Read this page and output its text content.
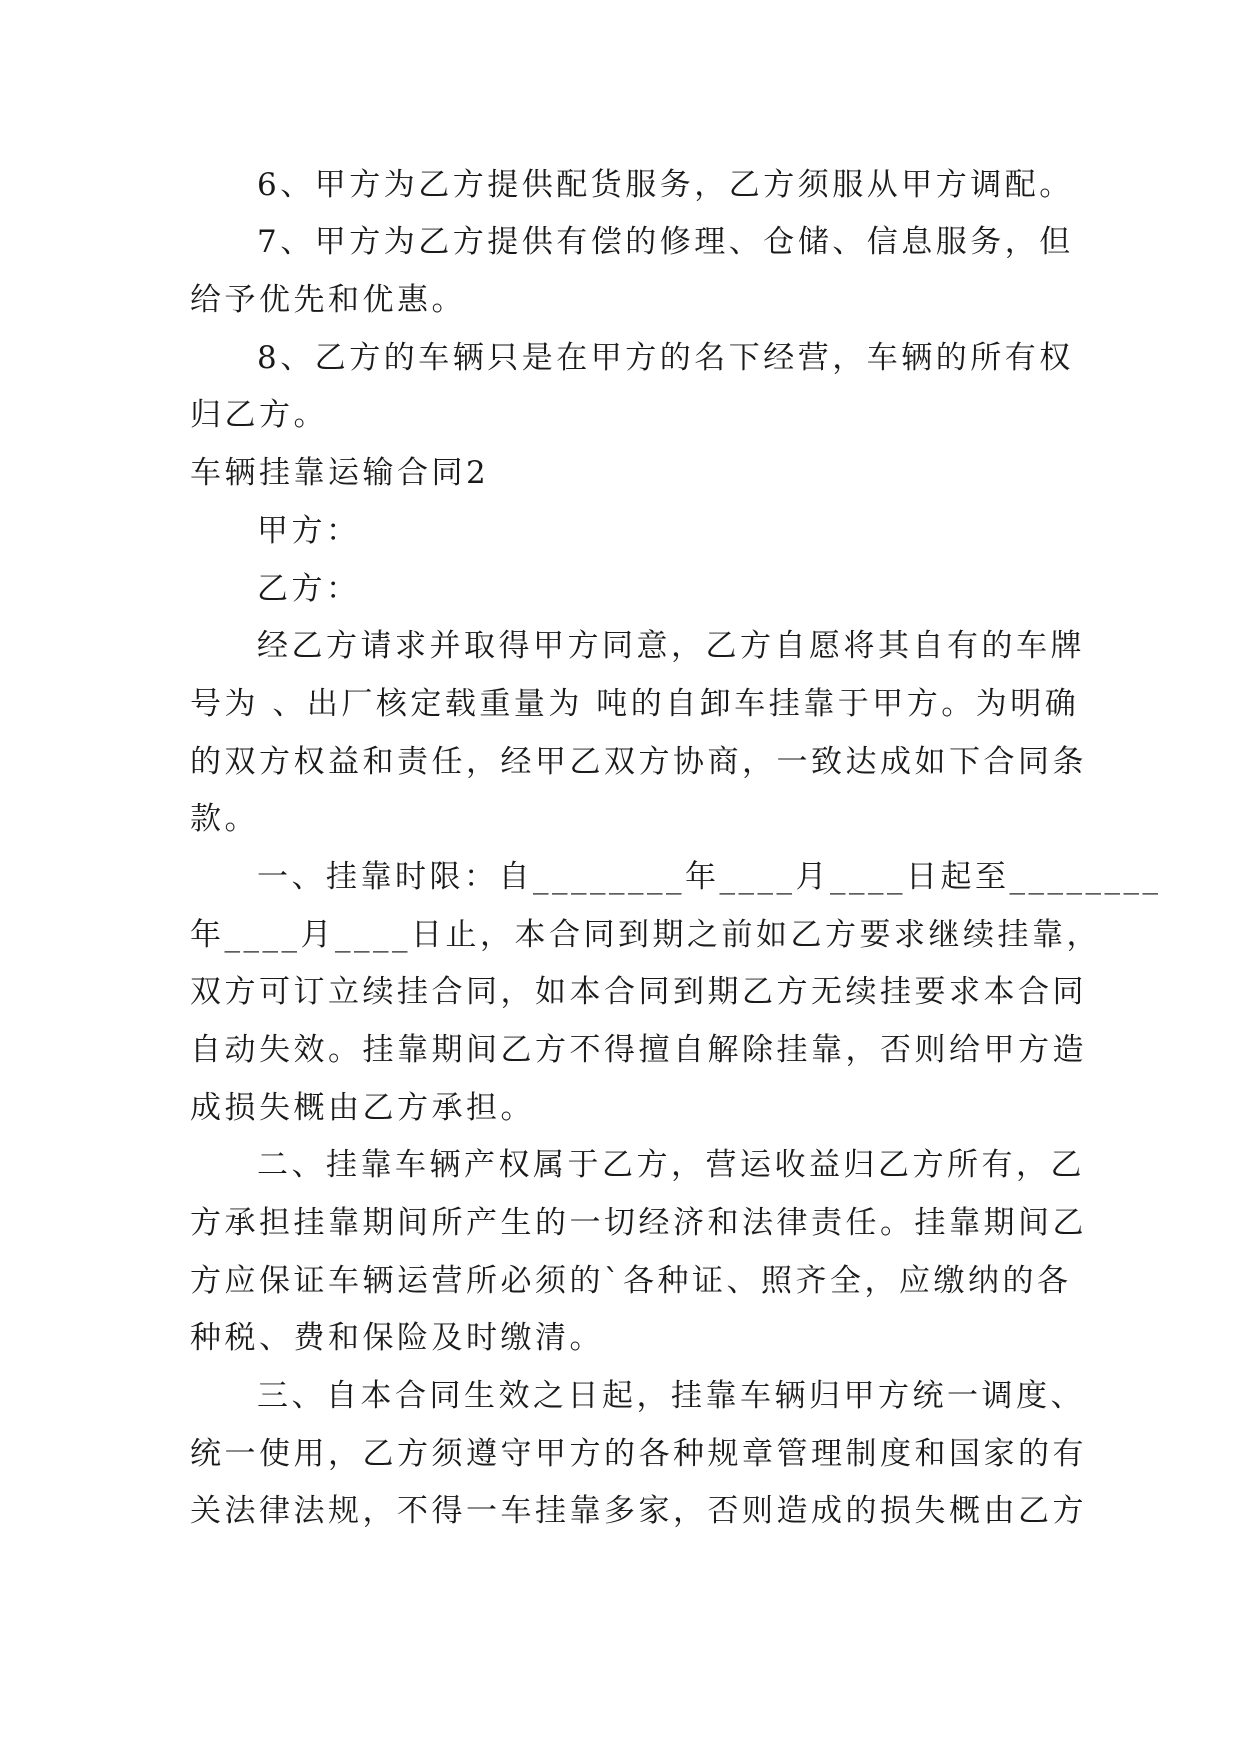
6、甲方为乙方提供配货服务，乙方须服从甲方调配。
7、甲方为乙方提供有偿的修理、仓储、信息服务，但
给予优先和优惠。
8、乙方的车辆只是在甲方的名下经营，车辆的所有权
归乙方。
车辆挂靠运输合同2
甲方：
乙方：
经乙方请求并取得甲方同意，乙方自愿将其自有的车牌
号为 、出厂核定载重量为 吨的自卸车挂靠于甲方。为明确
的双方权益和责任，经甲乙双方协商，一致达成如下合同条
款。
一、挂靠时限：自________年____月____日起至________
年____月____日止，本合同到期之前如乙方要求继续挂靠，
双方可订立续挂合同，如本合同到期乙方无续挂要求本合同
自动失效。挂靠期间乙方不得擅自解除挂靠，否则给甲方造
成损失概由乙方承担。
二、挂靠车辆产权属于乙方，营运收益归乙方所有，乙
方承担挂靠期间所产生的一切经济和法律责任。挂靠期间乙
方应保证车辆运营所必须的`各种证、照齐全，应缴纳的各
种税、费和保险及时缴清。
三、自本合同生效之日起，挂靠车辆归甲方统一调度、
统一使用，乙方须遵守甲方的各种规章管理制度和国家的有
关法律法规，不得一车挂靠多家，否则造成的损失概由乙方
